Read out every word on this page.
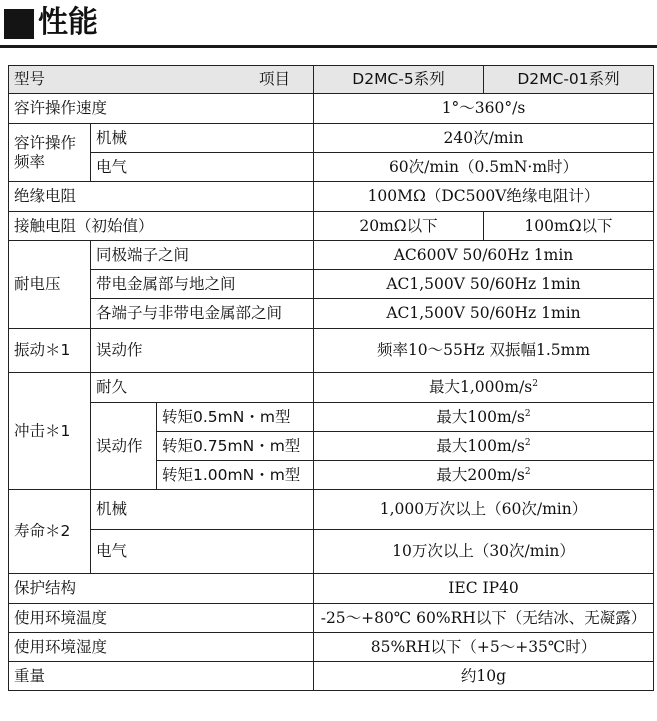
性能
型号 项目			D2MC-5系列	D2MC-01系列
容许操作速度			1°～360°/s	
容许操作频率	机械		240次/min	
	电气		60次/min（0.5mN·m时）	
绝缘电阻			100MΩ（DC500V绝缘电阻计）	
接触电阻（初始值）			20mΩ以下	100mΩ以下
耐电压	同极端子之间		AC600V 50/60Hz 1min	
	带电金属部与地之间		AC1,500V 50/60Hz 1min	
	各端子与非带电金属部之间		AC1,500V 50/60Hz 1min	
振动＊1	误动作		频率10～55Hz 双振幅1.5mm	
冲击＊1	耐久		最大$1,000m/s^2$
	误动作	转矩0.5mN・m型	最大$100m/s^2$
		转矩0.75mN・m型	最大$100m/s^2$
		转矩1.00mN・m型	最大$200m/s^2$
寿命＊2	机械		1,000万次以上（60次/min）	
	电气		10万次以上（30次/min）	
保护结构			IEC IP40	
使用环境温度			-25～+80℃ 60%RH以下（无结冰、无凝露）	
使用环境湿度			85%RH以下（+5～+35℃时）	
重量			约10g	
